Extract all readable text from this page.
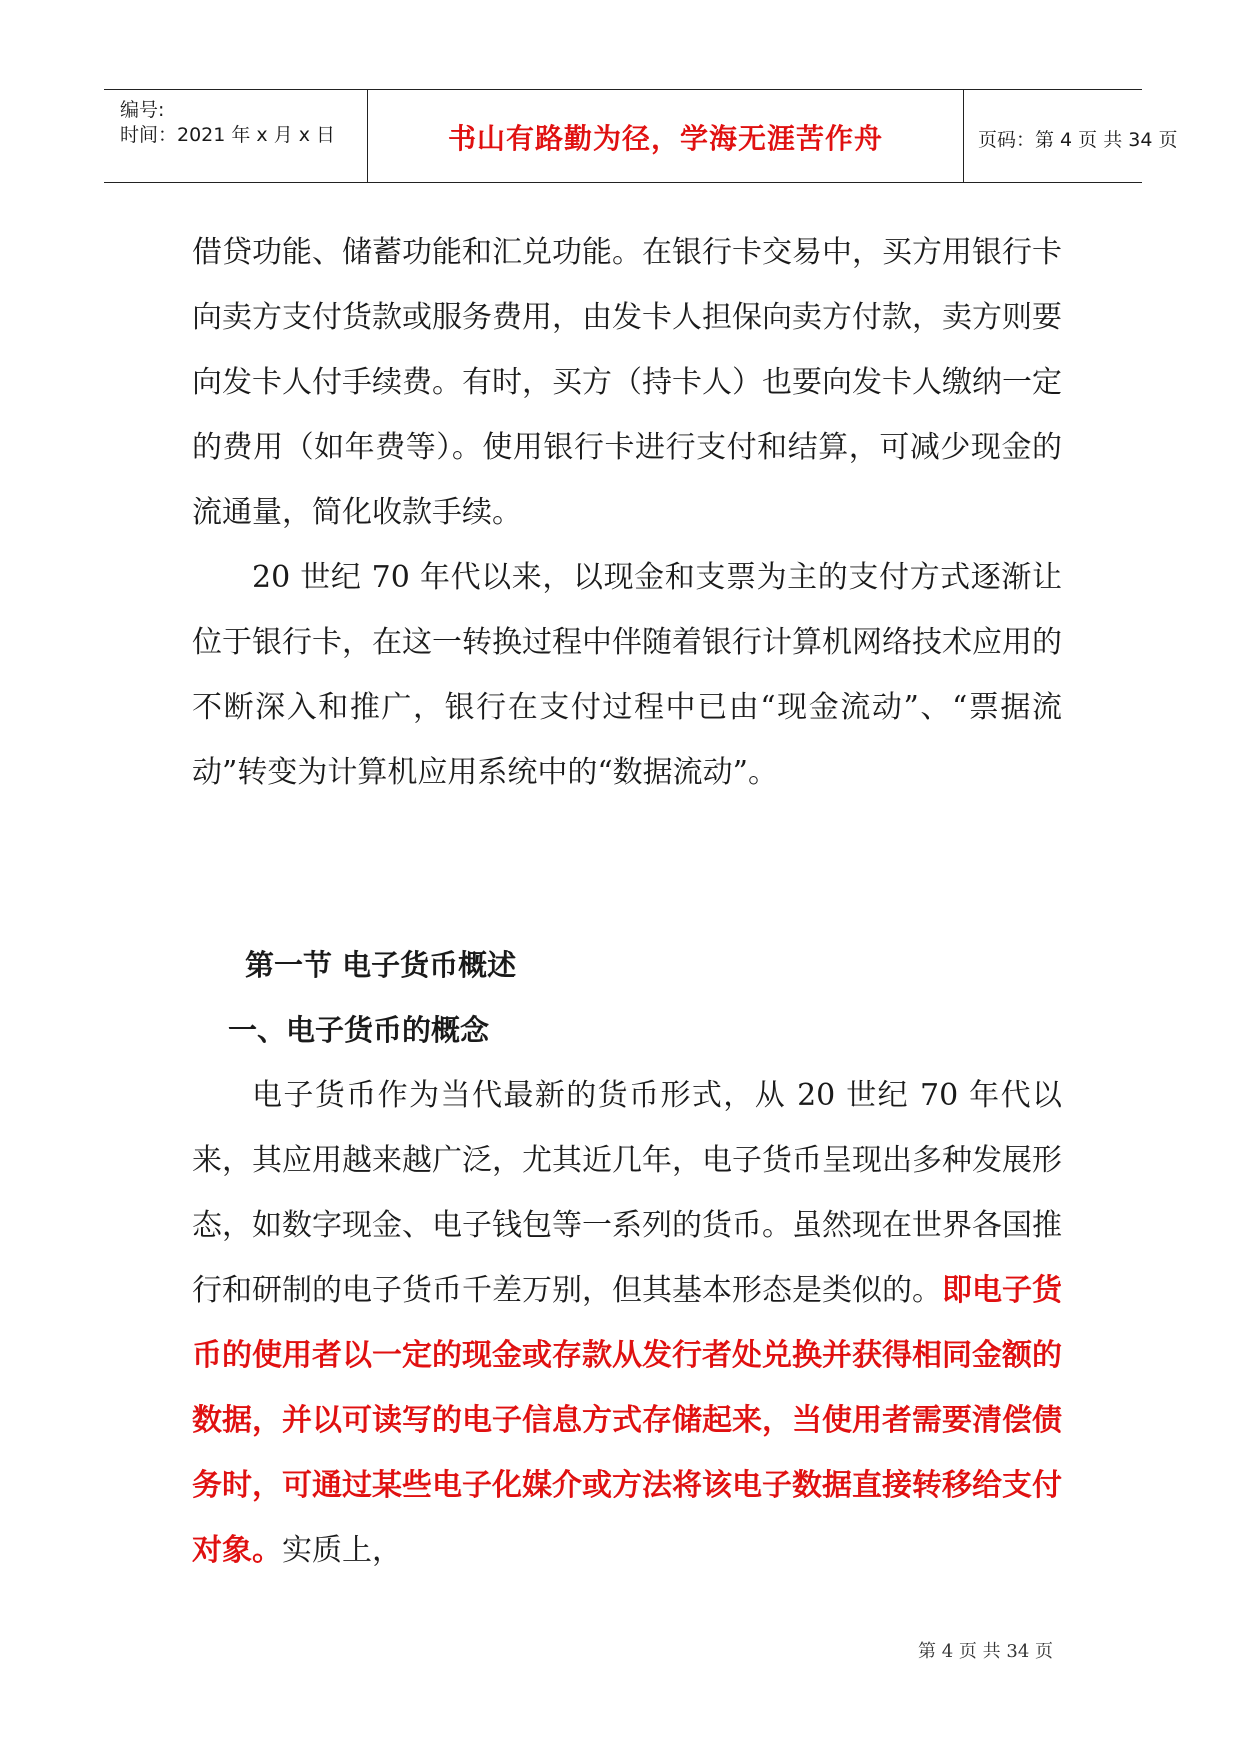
编号:
时间：2021 年 x 月 x 日	书山有路勤为径，学海无涯苦作舟	页码：第 4 页 共 34 页

借贷功能、储蓄功能和汇兑功能。在银行卡交易中，买方用银行卡向卖方支付货款或服务费用，由发卡人担保向卖方付款，卖方则要向发卡人付手续费。有时，买方（持卡人）也要向发卡人缴纳一定的费用（如年费等）。使用银行卡进行支付和结算，可减少现金的流通量，简化收款手续。

20 世纪 70 年代以来，以现金和支票为主的支付方式逐渐让位于银行卡，在这一转换过程中伴随着银行计算机网络技术应用的不断深入和推广，银行在支付过程中已由“现金流动”、“票据流动”转变为计算机应用系统中的“数据流动”。

第一节 电子货币概述
一、电子货币的概念

电子货币作为当代最新的货币形式，从 20 世纪 70 年代以来，其应用越来越广泛，尤其近几年，电子货币呈现出多种发展形态，如数字现金、电子钱包等一系列的货币。虽然现在世界各国推行和研制的电子货币千差万别，但其基本形态是类似的。即电子货币的使用者以一定的现金或存款从发行者处兑换并获得相同金额的数据，并以可读写的电子信息方式存储起来，当使用者需要清偿债务时，可通过某些电子化媒介或方法将该电子数据直接转移给支付对象。实质上，

第 4 页 共 34 页
